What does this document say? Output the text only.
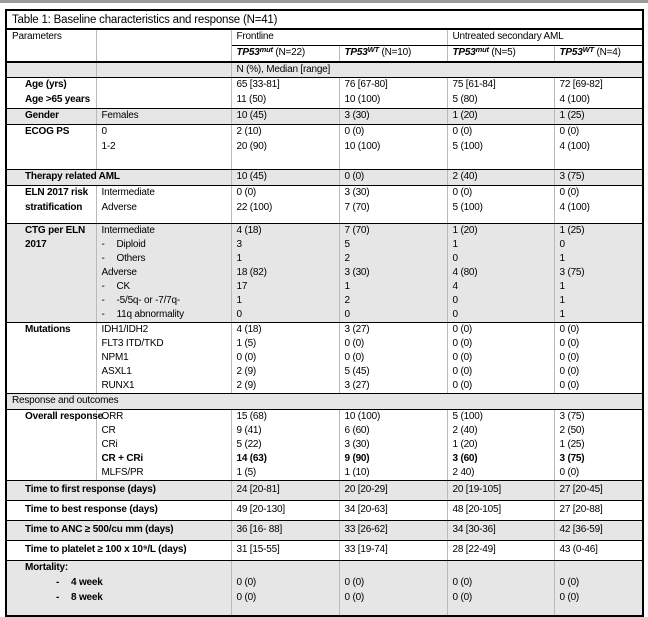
Table 1: Baseline characteristics and response (N=41)					
Parameters		Frontline		Untreated secondary AML	
		$TP53^{mut}$ (N=22)	$TP53^{WT}$ (N=10)	$TP53^{mut}$ (N=5)	$TP53^{WT}$ (N=4)
		N (%), Median [range]			
Age (yrs)		65 [33-81]	76 [67-80]	75 [61-84]	72 [69-82]
Age >65 years		11 (50)	10 (100)	5 (80)	4 (100)
Gender	Females	10 (45)	3 (30)	1 (20)	1 (25)
ECOG PS	0	2 (10)	0 (0)	0 (0)	0 (0)
	1-2	20 (90)	10 (100)	5 (100)	4 (100)

Therapy related AML		10 (45)	0 (0)	2 (40)	3 (75)
ELN 2017 risk	Intermediate	0 (0)	3 (30)	0 (0)	0 (0)
stratification	Adverse	22 (100)	7 (70)	5 (100)	4 (100)

CTG per ELN	Intermediate	4 (18)	7 (70)	1 (20)	1 (25)
2017	- Diploid	3	5	1	0
	- Others	1	2	0	1
	Adverse	18 (82)	3 (30)	4 (80)	3 (75)
	- CK	17	1	4	1
	- -5/5q- or -7/7q-	1	2	0	1
	- 11q abnormality	0	0	0	1
Mutations	IDH1/IDH2	4 (18)	3 (27)	0 (0)	0 (0)
	FLT3 ITD/TKD	1 (5)	0 (0)	0 (0)	0 (0)
	NPM1	0 (0)	0 (0)	0 (0)	0 (0)
	ASXL1	2 (9)	5 (45)	0 (0)	0 (0)
	RUNX1	2 (9)	3 (27)	0 (0)	0 (0)
Response and outcomes					
Overall response	ORR	15 (68)	10 (100)	5 (100)	3 (75)
	CR	9 (41)	6 (60)	2 (40)	2 (50)
	CRi	5 (22)	3 (30)	1 (20)	1 (25)
	CR + CRi	14 (63)	9 (90)	3 (60)	3 (75)
	MLFS/PR	1 (5)	1 (10)	2 40)	0 (0)
Time to first response (days)		24 [20-81]	20 [20-29]	20 [19-105]	27 [20-45]
Time to best response (days)		49 [20-130]	34 [20-63]	48 [20-105]	27 [20-88]
Time to ANC ≥ 500/cu mm (days)		36 [16- 88]	33 [26-62]	34 [30-36]	42 [36-59]
Time to platelet ≥ 100 x 10⁹/L (days)		31 [15-55]	33 [19-74]	28 [22-49]	43 (0-46]
Mortality:					
- 4 week		0 (0)	0 (0)	0 (0)	0 (0)
- 8 week		0 (0)	0 (0)	0 (0)	0 (0)
